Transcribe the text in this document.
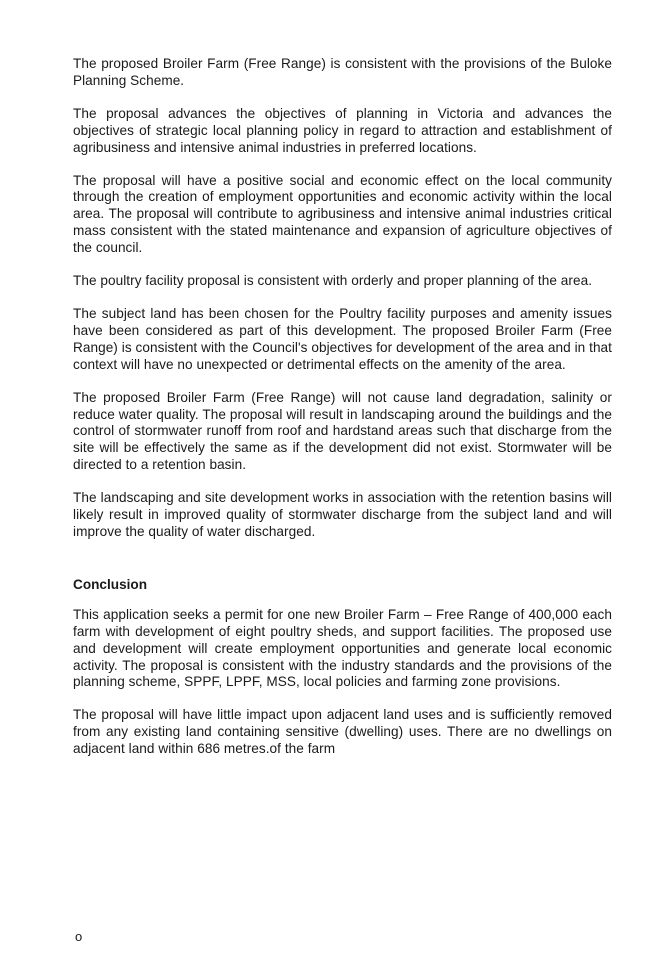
The proposed Broiler Farm (Free Range) is consistent with the provisions of the Buloke Planning Scheme.

The proposal advances the objectives of planning in Victoria and advances the objectives of strategic local planning policy in regard to attraction and establishment of agribusiness and intensive animal industries in preferred locations.

The proposal will have a positive social and economic effect on the local community through the creation of employment opportunities and economic activity within the local area. The proposal will contribute to agribusiness and intensive animal industries critical mass consistent with the stated maintenance and expansion of agriculture objectives of the council.

The poultry facility proposal is consistent with orderly and proper planning of the area.

The subject land has been chosen for the Poultry facility purposes and amenity issues have been considered as part of this development. The proposed Broiler Farm (Free Range) is consistent with the Council's objectives for development of the area and in that context will have no unexpected or detrimental effects on the amenity of the area.

The proposed Broiler Farm (Free Range) will not cause land degradation, salinity or reduce water quality. The proposal will result in landscaping around the buildings and the control of stormwater runoff from roof and hardstand areas such that discharge from the site will be effectively the same as if the development did not exist. Stormwater will be directed to a retention basin.

The landscaping and site development works in association with the retention basins will likely result in improved quality of stormwater discharge from the subject land and will improve the quality of water discharged.

Conclusion

This application seeks a permit for one new Broiler Farm – Free Range of 400,000 each farm with development of eight poultry sheds, and support facilities. The proposed use and development will create employment opportunities and generate local economic activity. The proposal is consistent with the industry standards and the provisions of the planning scheme, SPPF, LPPF, MSS, local policies and farming zone provisions.

The proposal will have little impact upon adjacent land uses and is sufficiently removed from any existing land containing sensitive (dwelling) uses. There are no dwellings on adjacent land within 686 metres.of the farm

o
